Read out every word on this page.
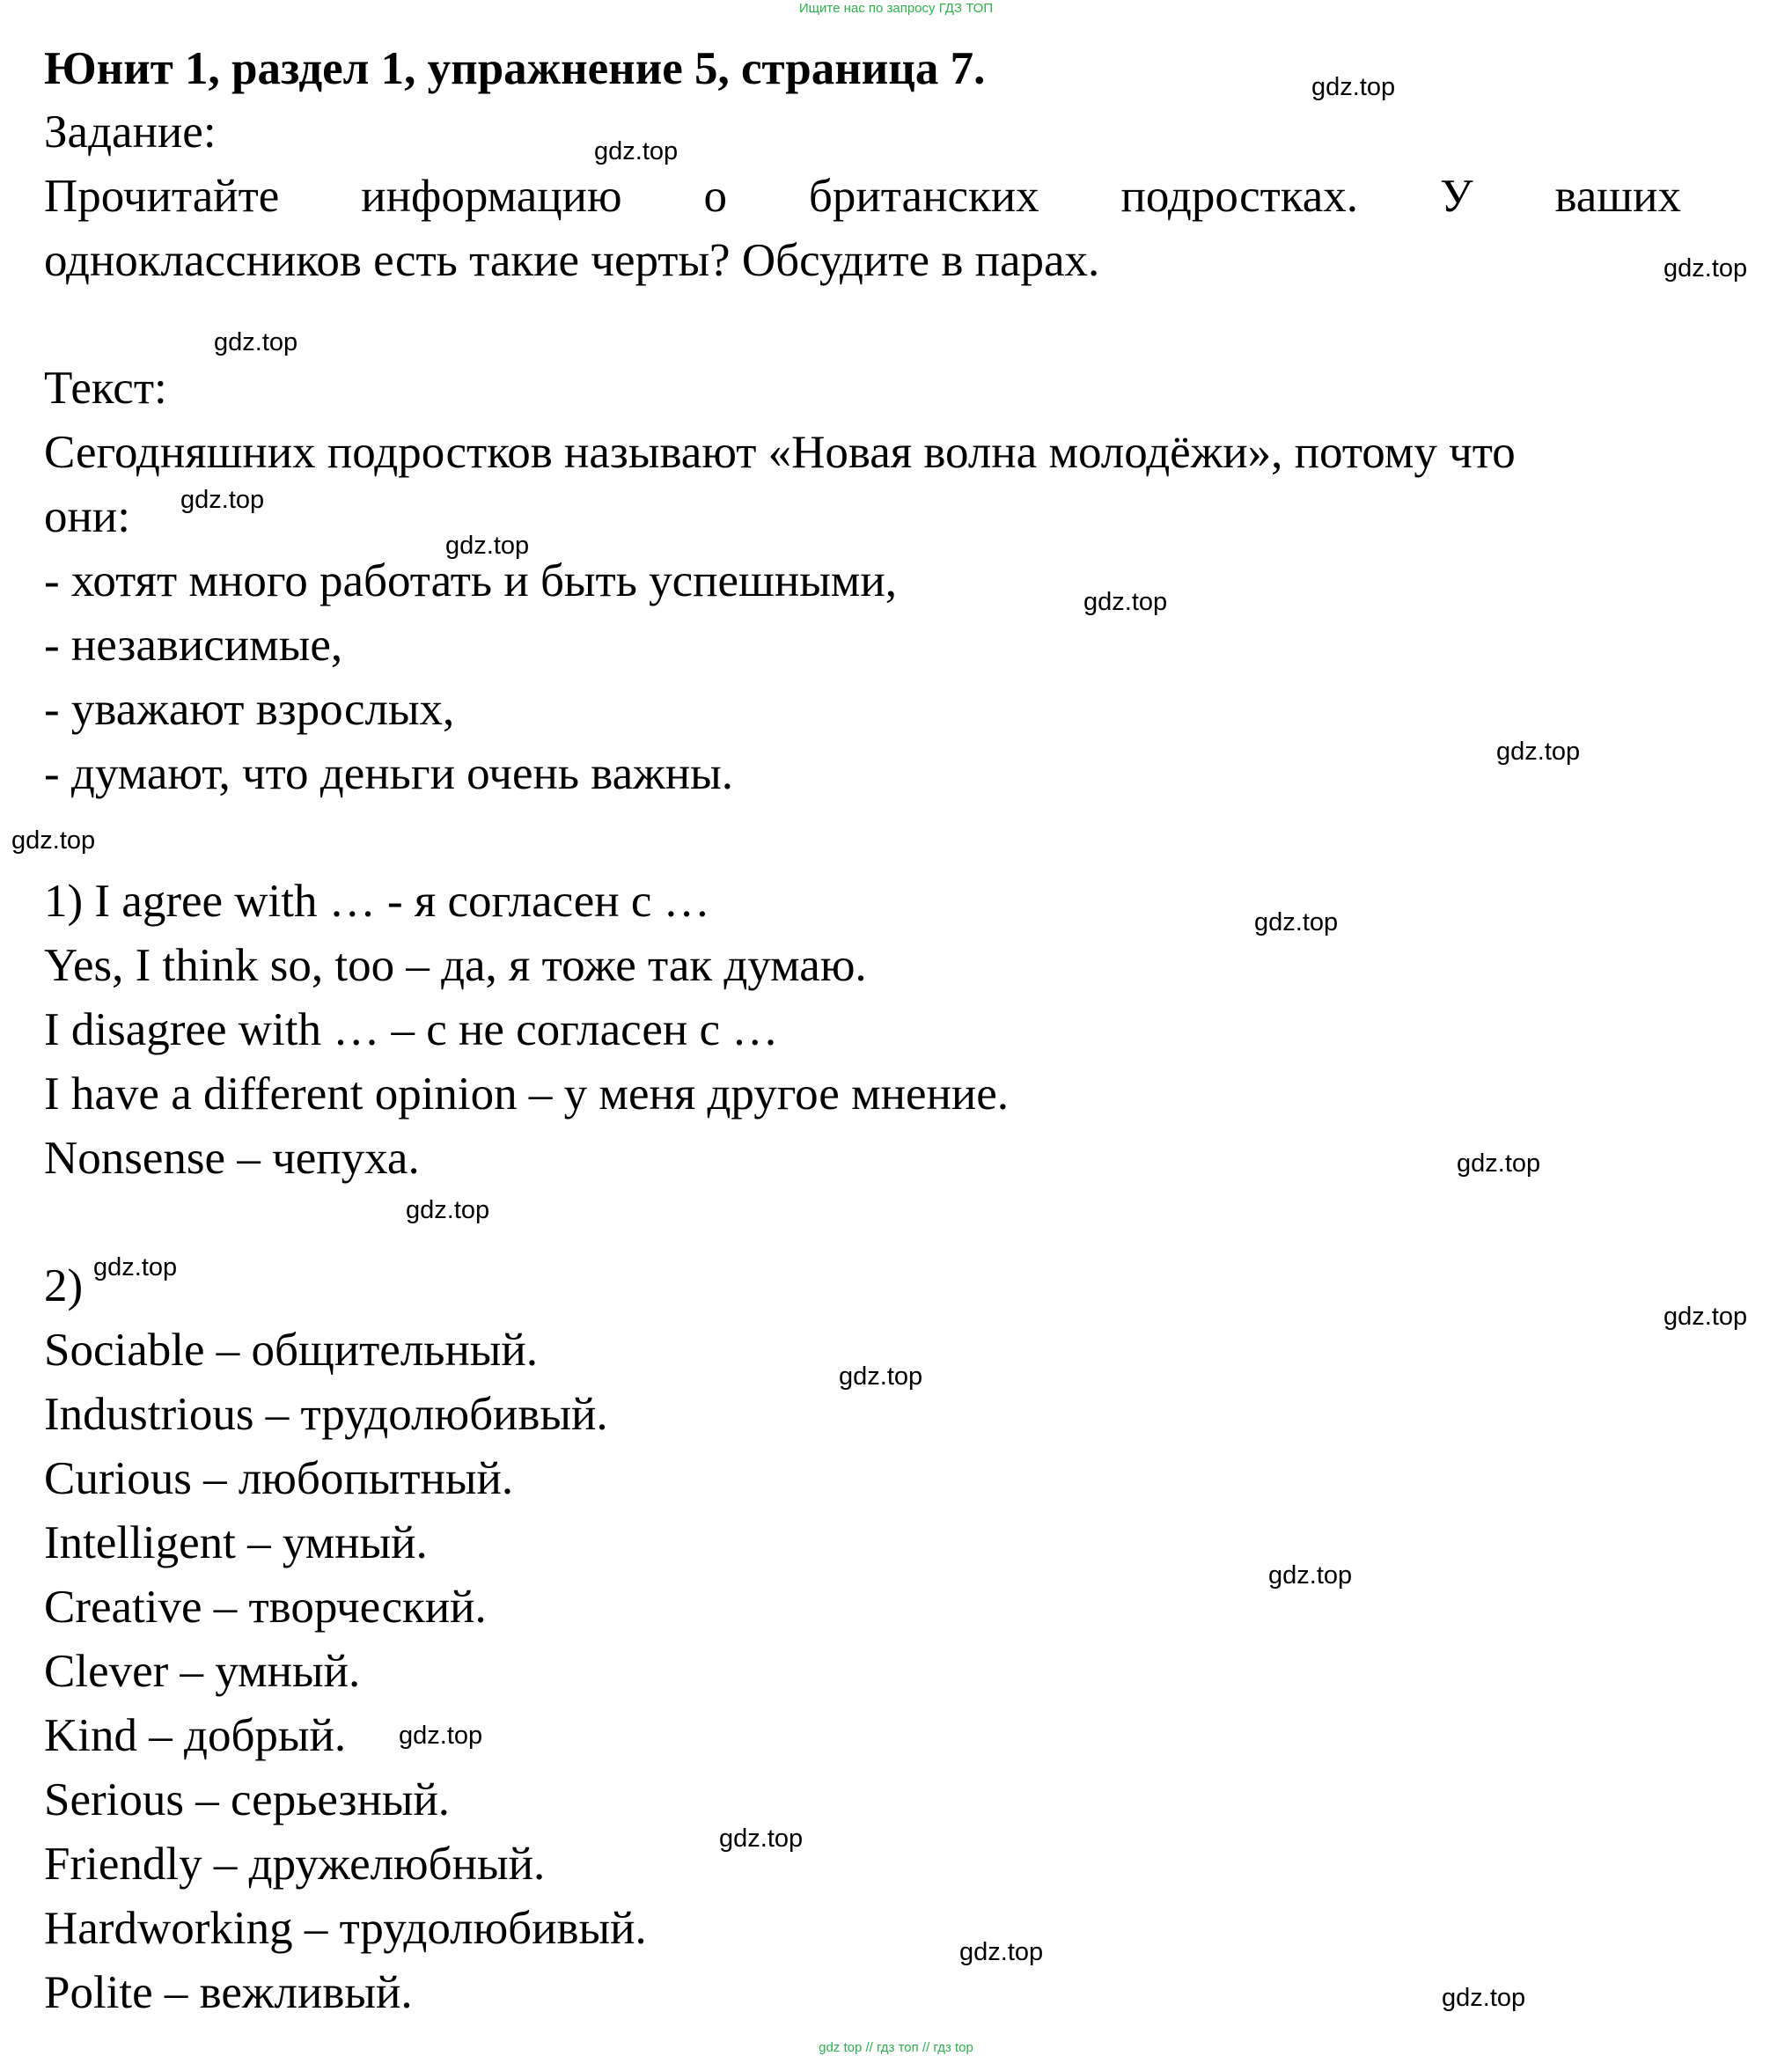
Ищите нас по запросу ГДЗ ТОП
Юнит 1, раздел 1, упражнение 5, страница 7.
Задание:
Прочитайте информацию о британских подростках. У ваших
одноклассников есть такие черты? Обсудите в парах.
Текст:
Сегодняшних подростков называют «Новая волна молодёжи», потому что
они:
- хотят много работать и быть успешными,
- независимые,
- уважают взрослых,
- думают, что деньги очень важны.
1) I agree with … - я согласен с …
Yes, I think so, too – да, я тоже так думаю.
I disagree with … – с не согласен с …
I have a different opinion – у меня другое мнение.
Nonsense – чепуха.
2)
Sociable – общительный.
Industrious – трудолюбивый.
Curious – любопытный.
Intelligent – умный.
Creative – творческий.
Clever – умный.
Kind – добрый.
Serious – серьезный.
Friendly – дружелюбный.
Hardworking – трудолюбивый.
Polite – вежливый.
gdz.top
gdz.top
gdz.top
gdz.top
gdz.top
gdz.top
gdz.top
gdz.top
gdz.top
gdz.top
gdz.top
gdz.top
gdz.top
gdz.top
gdz.top
gdz.top
gdz.top
gdz.top
gdz.top
gdz.top
gdz top // гдз топ // гдз top
